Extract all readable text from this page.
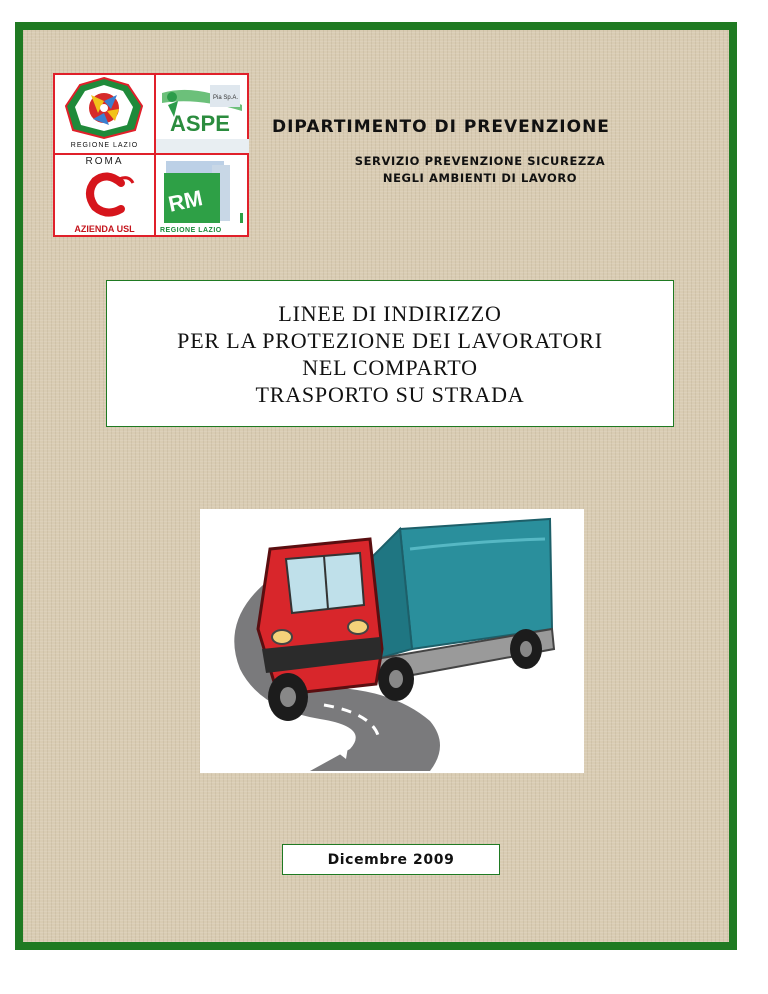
REGIONE LAZIO
ASPE
Pia Sp.A.
ROMA
AZIENDA USL
RM
REGIONE LAZIO
DIPARTIMENTO DI PREVENZIONE
SERVIZIO PREVENZIONE SICUREZZA
NEGLI AMBIENTI DI LAVORO
LINEE DI INDIRIZZO
PER LA PROTEZIONE DEI LAVORATORI
NEL COMPARTO
TRASPORTO SU STRADA
Dicembre 2009
